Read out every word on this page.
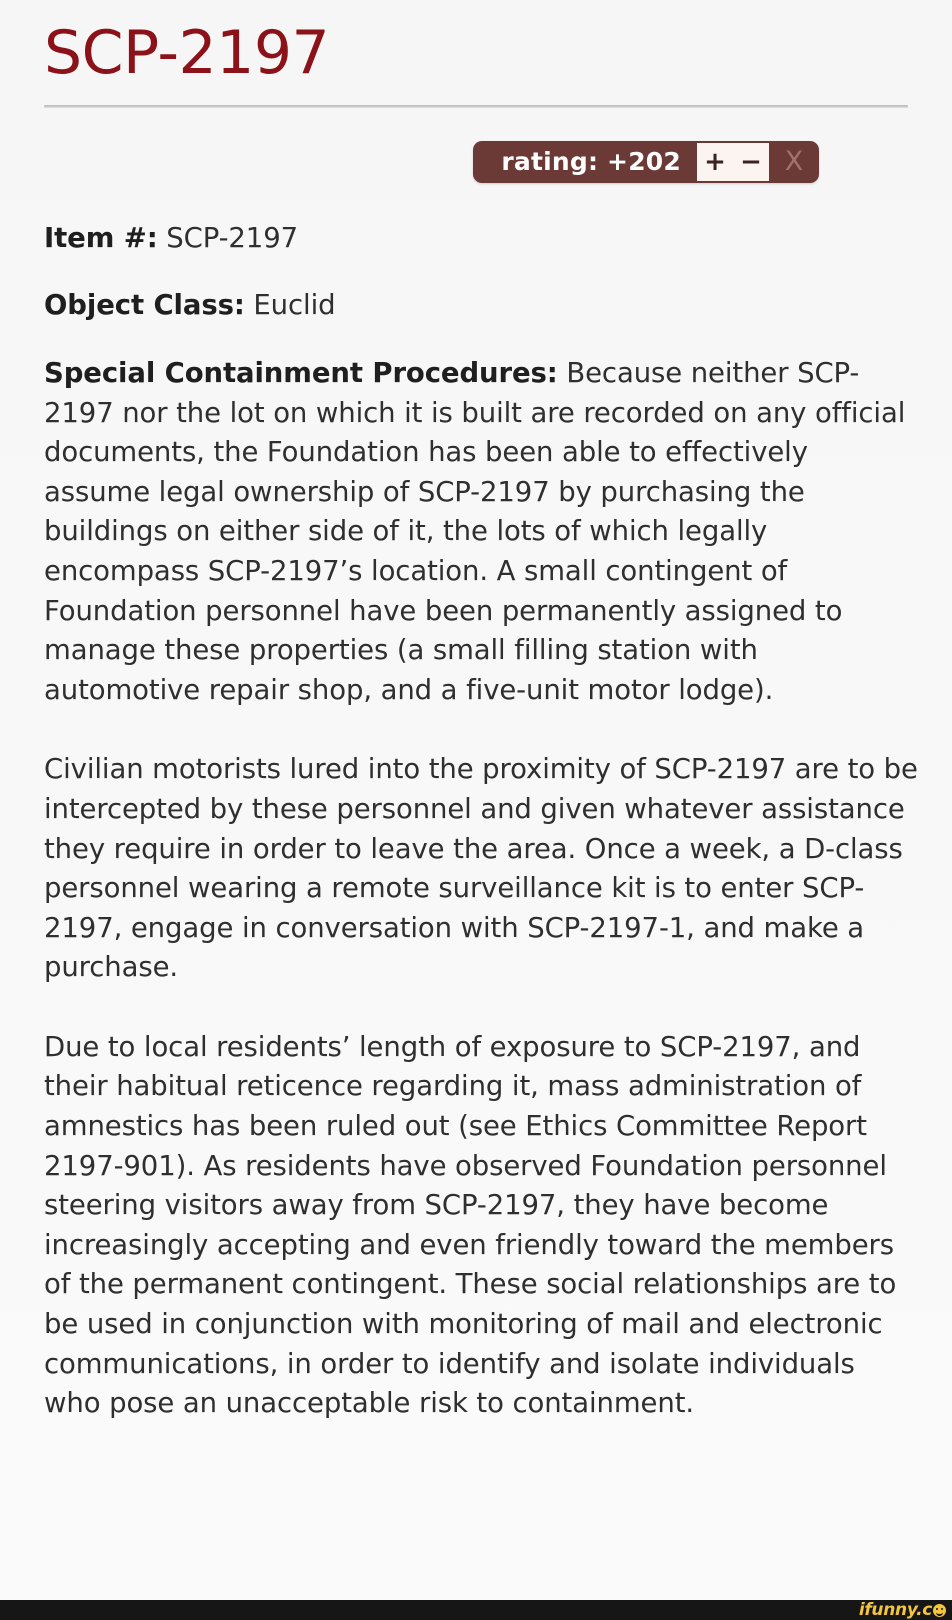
SCP-2197
rating: +202 + − X

Item #: SCP-2197

Object Class: Euclid

Special Containment Procedures: Because neither SCP-2197 nor the lot on which it is built are recorded on any official documents, the Foundation has been able to effectively assume legal ownership of SCP-2197 by purchasing the buildings on either side of it, the lots of which legally encompass SCP-2197’s location. A small contingent of Foundation personnel have been permanently assigned to manage these properties (a small filling station with automotive repair shop, and a five-unit motor lodge).

Civilian motorists lured into the proximity of SCP-2197 are to be intercepted by these personnel and given whatever assistance they require in order to leave the area. Once a week, a D-class personnel wearing a remote surveillance kit is to enter SCP-2197, engage in conversation with SCP-2197-1, and make a purchase.

Due to local residents’ length of exposure to SCP-2197, and their habitual reticence regarding it, mass administration of amnestics has been ruled out (see Ethics Committee Report 2197-901). As residents have observed Foundation personnel steering visitors away from SCP-2197, they have become increasingly accepting and even friendly toward the members of the permanent contingent. These social relationships are to be used in conjunction with monitoring of mail and electronic communications, in order to identify and isolate individuals who pose an unacceptable risk to containment.

ifunny.c
